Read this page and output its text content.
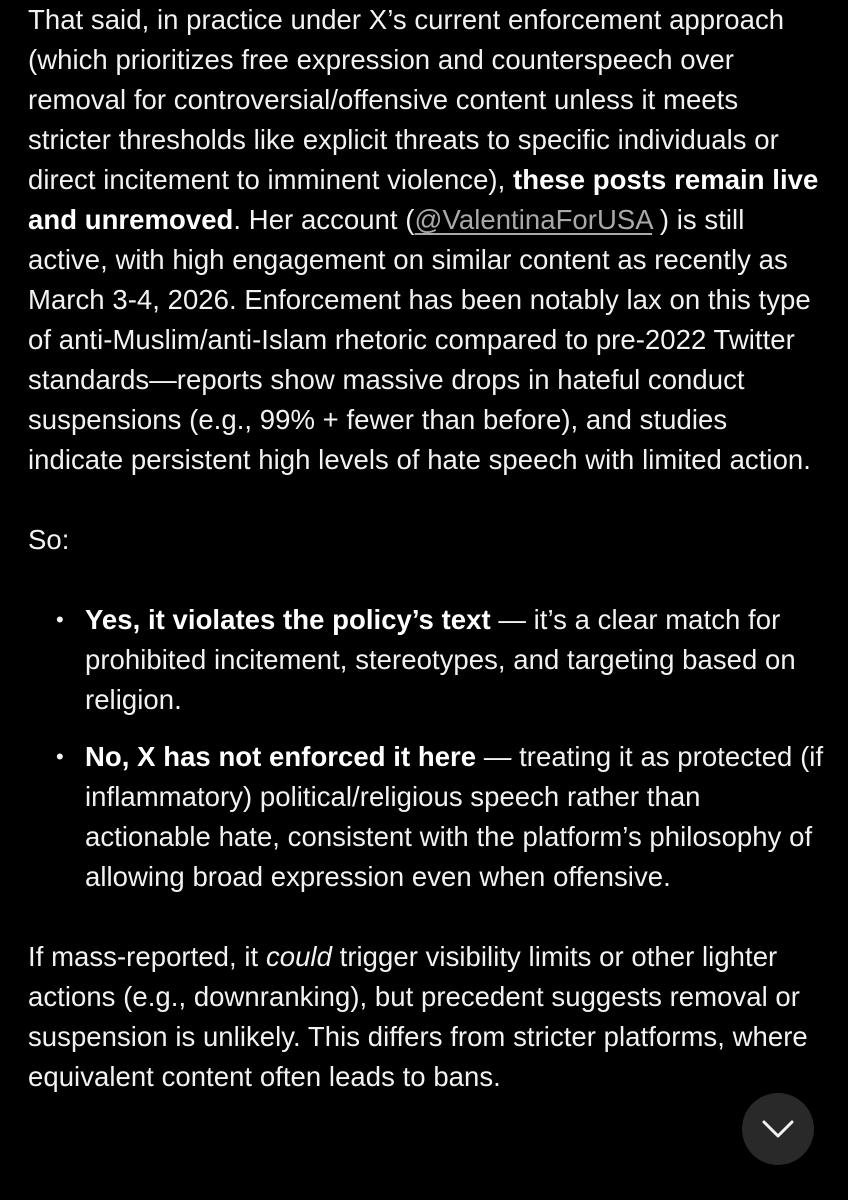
That said, in practice under X’s current enforcement approach (which prioritizes free expression and counterspeech over removal for controversial/offensive content unless it meets stricter thresholds like explicit threats to specific individuals or direct incitement to imminent violence), these posts remain live and unremoved. Her account (@ValentinaForUSA ) is still active, with high engagement on similar content as recently as March 3-4, 2026. Enforcement has been notably lax on this type of anti-Muslim/anti-Islam rhetoric compared to pre-2022 Twitter standards—reports show massive drops in hateful conduct suspensions (e.g., 99% + fewer than before), and studies indicate persistent high levels of hate speech with limited action.

So:

• Yes, it violates the policy’s text — it’s a clear match for prohibited incitement, stereotypes, and targeting based on religion.
• No, X has not enforced it here — treating it as protected (if inflammatory) political/religious speech rather than actionable hate, consistent with the platform’s philosophy of allowing broad expression even when offensive.

If mass-reported, it could trigger visibility limits or other lighter actions (e.g., downranking), but precedent suggests removal or suspension is unlikely. This differs from stricter platforms, where equivalent content often leads to bans.
